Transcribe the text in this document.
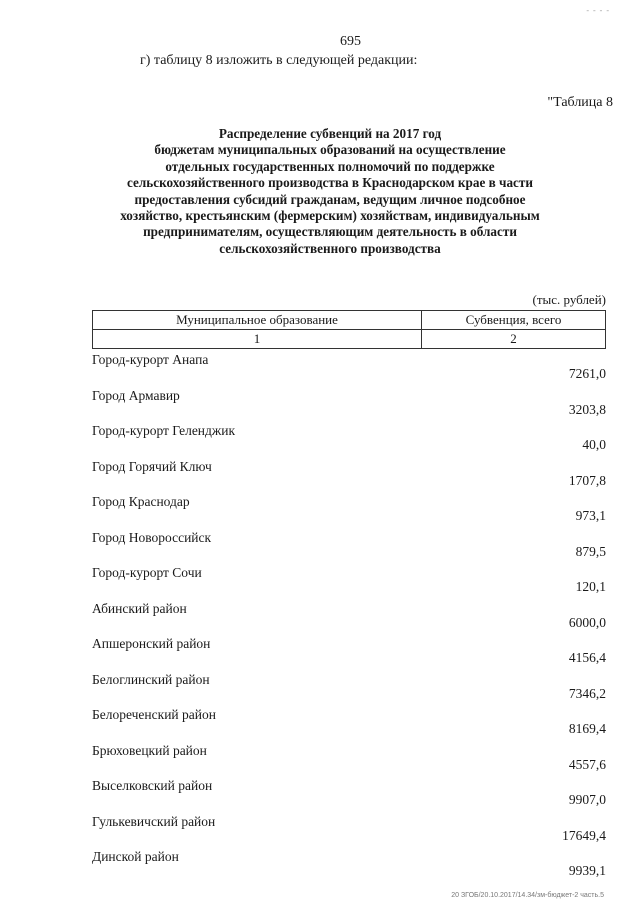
- - - -
695
г) таблицу 8 изложить в следующей редакции:
"Таблица 8
Распределение субвенций на 2017 год
бюджетам муниципальных образований на осуществление
отдельных государственных полномочий по поддержке
сельскохозяйственного производства в Краснодарском крае в части
предоставления субсидий гражданам, ведущим личное подсобное
хозяйство, крестьянским (фермерским) хозяйствам, индивидуальным
предпринимателям, осуществляющим деятельность в области
сельскохозяйственного производства
(тыс. рублей)
Муниципальное образование	Субвенция, всего
1	2
Город-курорт Анапа
7261,0
Город Армавир
3203,8
Город-курорт Геленджик
40,0
Город Горячий Ключ
1707,8
Город Краснодар
973,1
Город Новороссийск
879,5
Город-курорт Сочи
120,1
Абинский район
6000,0
Апшеронский район
4156,4
Белоглинский район
7346,2
Белореченский район
8169,4
Брюховецкий район
4557,6
Выселковский район
9907,0
Гулькевичский район
17649,4
Динской район
9939,1
20 ЗГОБ/20.10.2017/14.34/зм-бюджет-2 часть.5
